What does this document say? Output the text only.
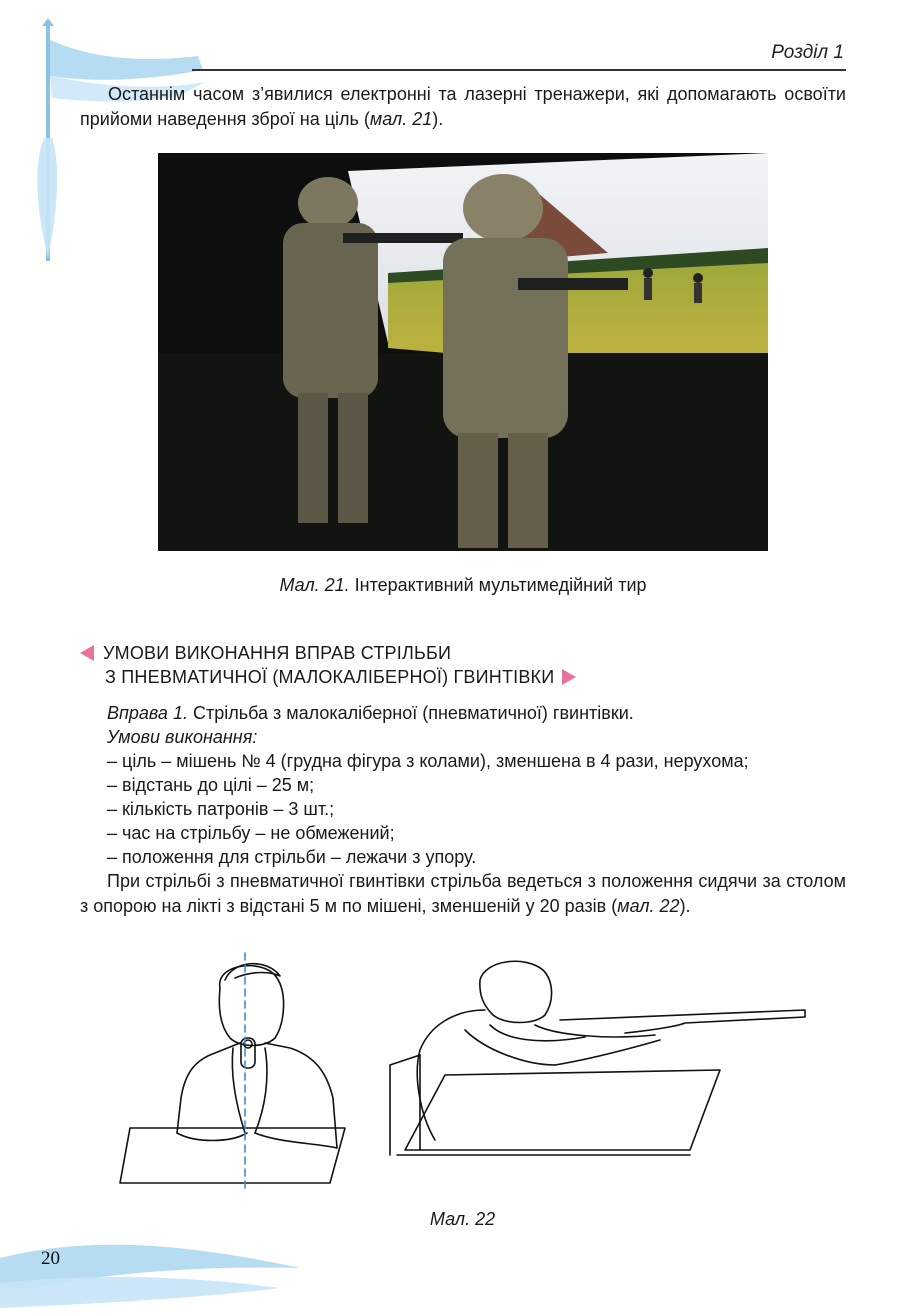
Розділ 1
Останнім часом з’явилися електронні та лазерні тренажери, які допомагають освоїти прийоми наведення зброї на ціль (мал. 21).
Мал. 21. Інтерактивний мультимедійний тир
УМОВИ ВИКОНАННЯ ВПРАВ СТРІЛЬБИ
З ПНЕВМАТИЧНОЇ (МАЛОКАЛІБЕРНОЇ) ГВИНТІВКИ
Вправа 1. Стрільба з малокаліберної (пневматичної) гвинтівки.
Умови виконання:
– ціль – мішень № 4 (грудна фігура з колами), зменшена в 4 рази, нерухома;
– відстань до цілі – 25 м;
– кількість патронів – 3 шт.;
– час на стрільбу – не обмежений;
– положення для стрільби – лежачи з упору.
При стрільбі з пневматичної гвинтівки стрільба ведеться з положення сидячи за столом з опорою на лікті з відстані 5 м по мішені, зменшеній у 20 разів (мал. 22).
Мал. 22
20
